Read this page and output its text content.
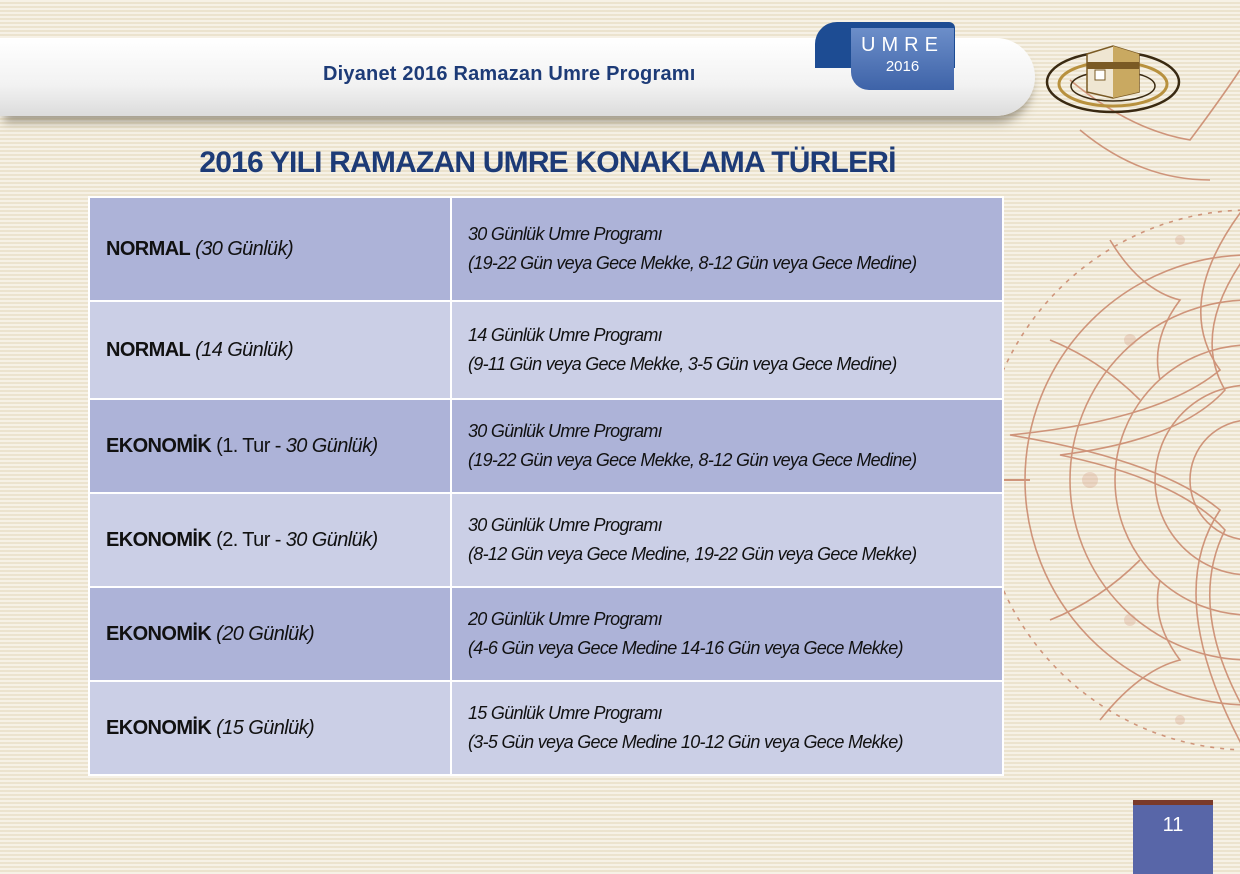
Diyanet 2016 Ramazan Umre Programı
UMRE
2016
2016 YILI RAMAZAN UMRE KONAKLAMA TÜRLERİ
NORMAL (30 Günlük)	30 Günlük Umre Programı
(19-22 Gün veya Gece Mekke, 8-12 Gün veya Gece Medine)

NORMAL (14 Günlük)	14 Günlük Umre Programı
(9-11 Gün veya Gece Mekke, 3-5 Gün veya Gece Medine)

EKONOMİK (1. Tur - 30 Günlük)	30 Günlük Umre Programı
(19-22 Gün veya Gece Mekke, 8-12 Gün veya Gece Medine)

EKONOMİK (2. Tur - 30 Günlük)	30 Günlük Umre Programı
(8-12 Gün veya Gece Medine, 19-22 Gün veya Gece Mekke)

EKONOMİK (20 Günlük)	20 Günlük Umre Programı
(4-6 Gün veya Gece Medine 14-16 Gün veya Gece Mekke)

EKONOMİK (15 Günlük)	15 Günlük Umre Programı
(3-5 Gün veya Gece Medine 10-12 Gün veya Gece Mekke)
11
